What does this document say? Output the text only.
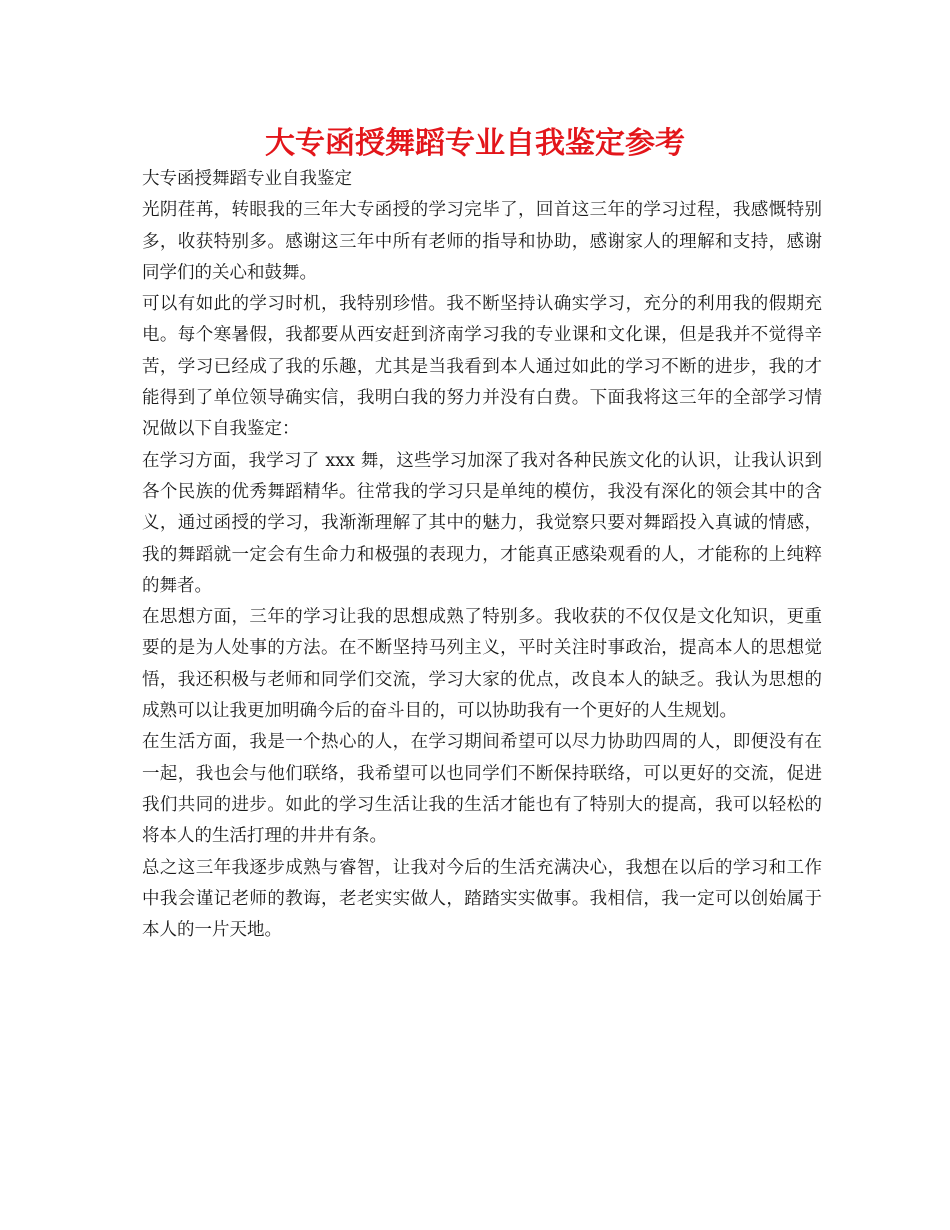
大专函授舞蹈专业自我鉴定参考

大专函授舞蹈专业自我鉴定

光阴荏苒，转眼我的三年大专函授的学习完毕了，回首这三年的学习过程，我感慨特别多，收获特别多。感谢这三年中所有老师的指导和协助，感谢家人的理解和支持，感谢同学们的关心和鼓舞。

可以有如此的学习时机，我特别珍惜。我不断坚持认确实学习，充分的利用我的假期充电。每个寒暑假，我都要从西安赶到济南学习我的专业课和文化课，但是我并不觉得辛苦，学习已经成了我的乐趣，尤其是当我看到本人通过如此的学习不断的进步，我的才能得到了单位领导确实信，我明白我的努力并没有白费。下面我将这三年的全部学习情况做以下自我鉴定：

在学习方面，我学习了 xxx 舞，这些学习加深了我对各种民族文化的认识，让我认识到各个民族的优秀舞蹈精华。往常我的学习只是单纯的模仿，我没有深化的领会其中的含义，通过函授的学习，我渐渐理解了其中的魅力，我觉察只要对舞蹈投入真诚的情感，我的舞蹈就一定会有生命力和极强的表现力，才能真正感染观看的人，才能称的上纯粹的舞者。

在思想方面，三年的学习让我的思想成熟了特别多。我收获的不仅仅是文化知识，更重要的是为人处事的方法。在不断坚持马列主义，平时关注时事政治，提高本人的思想觉悟，我还积极与老师和同学们交流，学习大家的优点，改良本人的缺乏。我认为思想的成熟可以让我更加明确今后的奋斗目的，可以协助我有一个更好的人生规划。

在生活方面，我是一个热心的人，在学习期间希望可以尽力协助四周的人，即便没有在一起，我也会与他们联络，我希望可以也同学们不断保持联络，可以更好的交流，促进我们共同的进步。如此的学习生活让我的生活才能也有了特别大的提高，我可以轻松的将本人的生活打理的井井有条。

总之这三年我逐步成熟与睿智，让我对今后的生活充满决心，我想在以后的学习和工作中我会谨记老师的教诲，老老实实做人，踏踏实实做事。我相信，我一定可以创始属于本人的一片天地。
